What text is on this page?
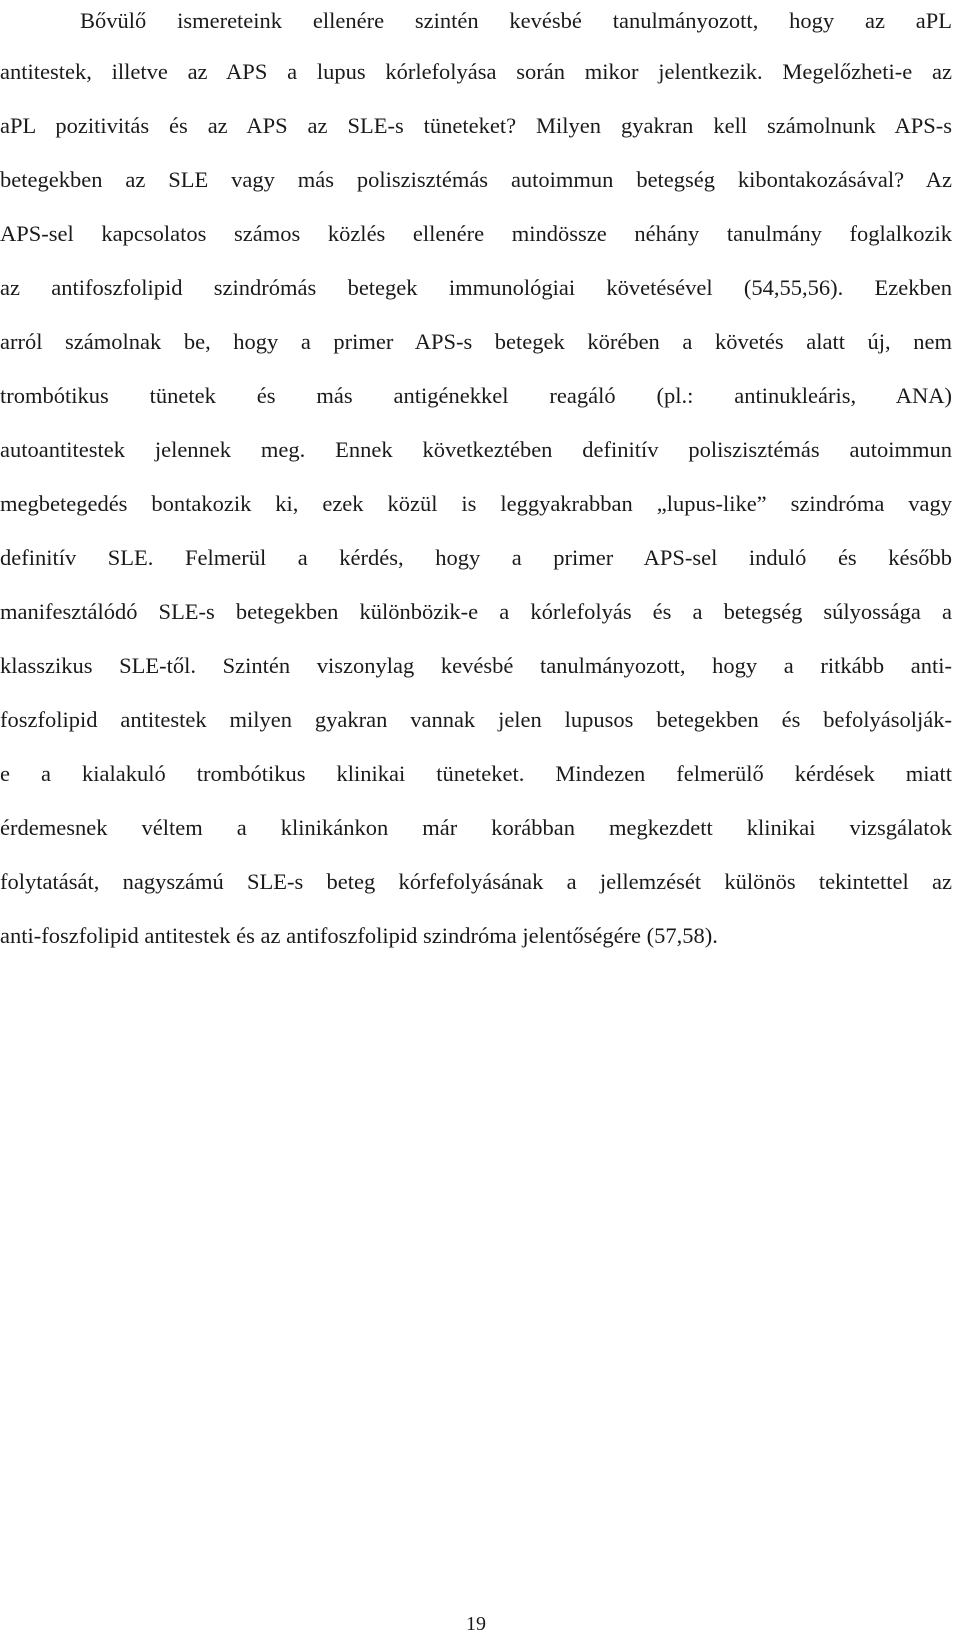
Bővülő ismereteink ellenére szintén kevésbé tanulmányozott, hogy az aPL
antitestek, illetve az APS a lupus kórlefolyása során mikor jelentkezik. Megelőzheti-e az
aPL pozitivitás és az APS az SLE-s tüneteket? Milyen gyakran kell számolnunk APS-s
betegekben az SLE vagy más poliszisztémás autoimmun betegség kibontakozásával? Az
APS-sel kapcsolatos számos közlés ellenére mindössze néhány tanulmány foglalkozik
az antifoszfolipid szindrómás betegek immunológiai követésével (54,55,56). Ezekben
arról számolnak be, hogy a primer APS-s betegek körében a követés alatt új, nem
trombótikus tünetek és más antigénekkel reagáló (pl.: antinukleáris, ANA)
autoantitestek jelennek meg. Ennek következtében definitív poliszisztémás autoimmun
megbetegedés bontakozik ki, ezek közül is leggyakrabban „lupus-like” szindróma vagy
definitív SLE. Felmerül a kérdés, hogy a primer APS-sel induló és később
manifesztálódó SLE-s betegekben különbözik-e a kórlefolyás és a betegség súlyossága a
klasszikus SLE-től. Szintén viszonylag kevésbé tanulmányozott, hogy a ritkább anti-
foszfolipid antitestek milyen gyakran vannak jelen lupusos betegekben és befolyásolják-
e a kialakuló trombótikus klinikai tüneteket. Mindezen felmerülő kérdések miatt
érdemesnek véltem a klinikánkon már korábban megkezdett klinikai vizsgálatok
folytatását, nagyszámú SLE-s beteg kórfefolyásának a jellemzését különös tekintettel az
anti-foszfolipid antitestek és az antifoszfolipid szindróma jelentőségére (57,58).
19
